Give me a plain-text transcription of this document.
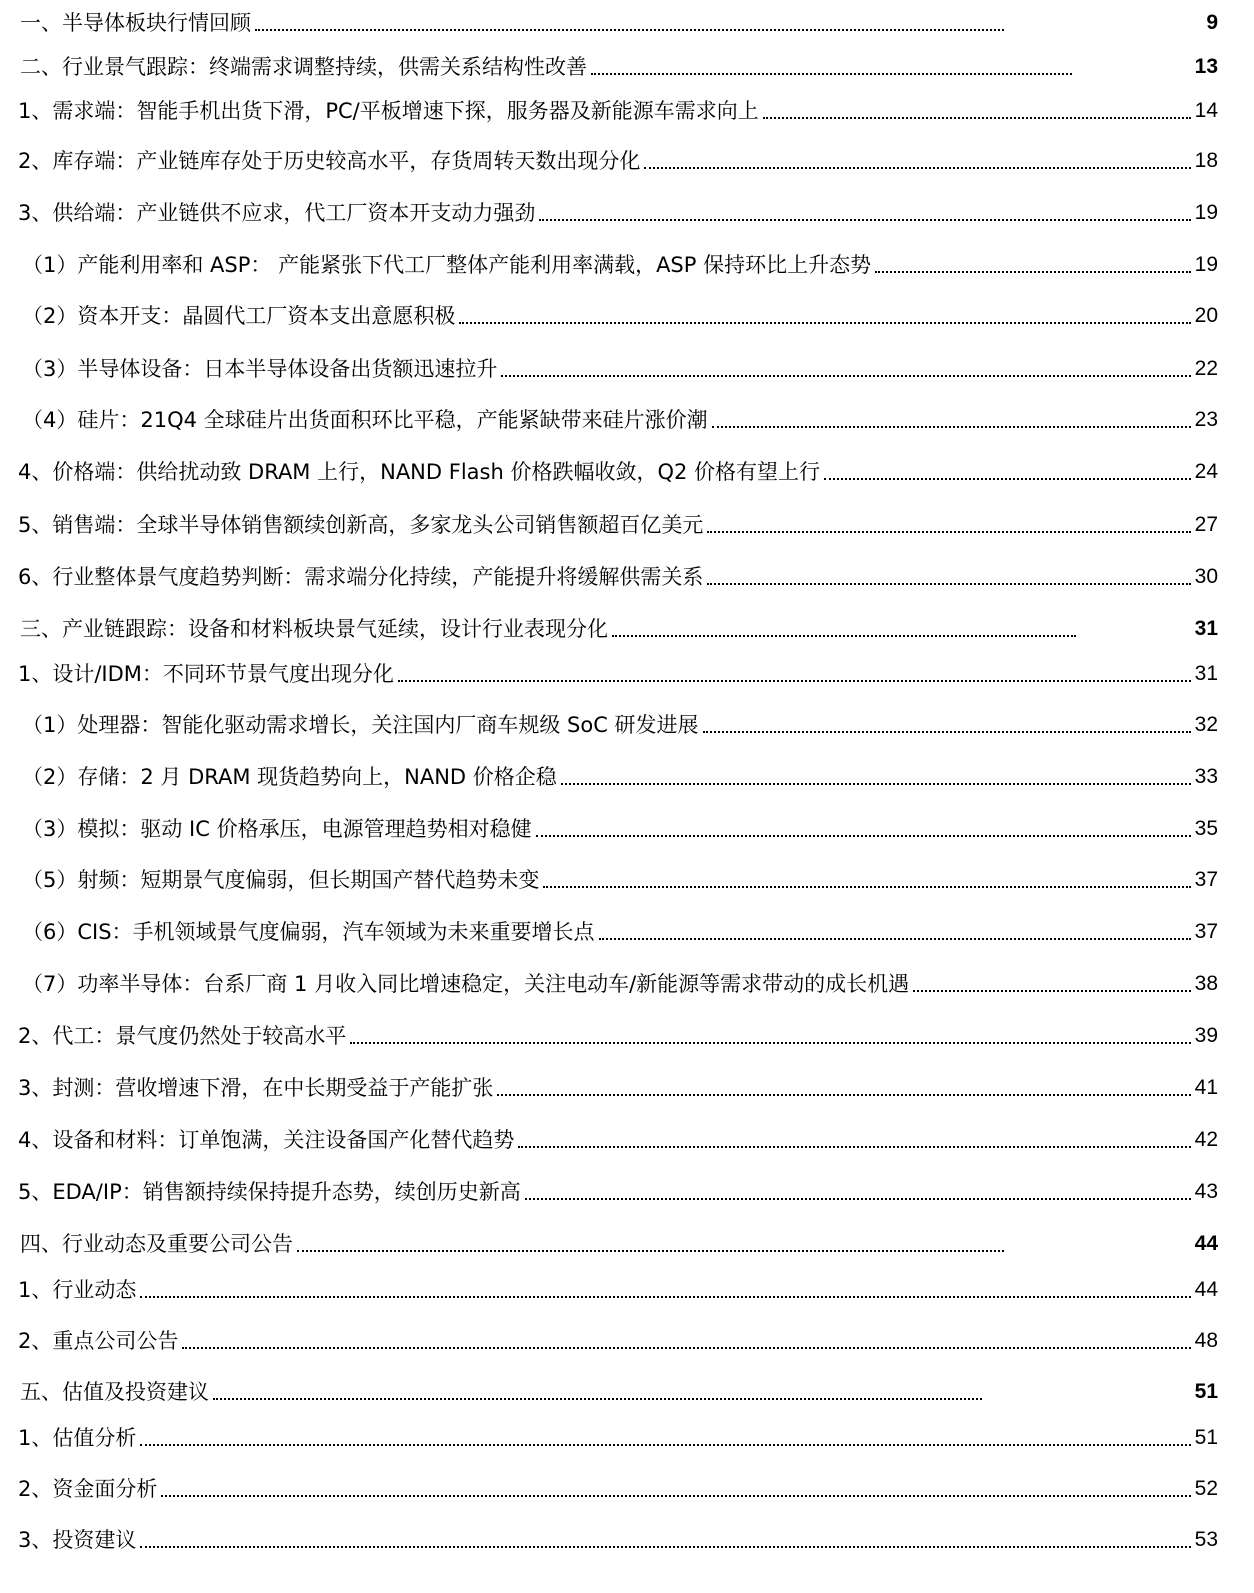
一、半导体板块行情回顾	9
二、行业景气跟踪：终端需求调整持续，供需关系结构性改善	13
1、需求端：智能手机出货下滑，PC/平板增速下探，服务器及新能源车需求向上	14
2、库存端：产业链库存处于历史较高水平，存货周转天数出现分化	18
3、供给端：产业链供不应求，代工厂资本开支动力强劲	19
（1）产能利用率和 ASP： 产能紧张下代工厂整体产能利用率满载，ASP 保持环比上升态势	19
（2）资本开支：晶圆代工厂资本支出意愿积极	20
（3）半导体设备：日本半导体设备出货额迅速拉升	22
（4）硅片：21Q4 全球硅片出货面积环比平稳，产能紧缺带来硅片涨价潮	23
4、价格端：供给扰动致 DRAM 上行，NAND Flash 价格跌幅收敛，Q2 价格有望上行	24
5、销售端：全球半导体销售额续创新高，多家龙头公司销售额超百亿美元	27
6、行业整体景气度趋势判断：需求端分化持续，产能提升将缓解供需关系	30
三、产业链跟踪：设备和材料板块景气延续，设计行业表现分化	31
1、设计/IDM：不同环节景气度出现分化	31
（1）处理器：智能化驱动需求增长，关注国内厂商车规级 SoC 研发进展	32
（2）存储：2 月 DRAM 现货趋势向上，NAND 价格企稳	33
（3）模拟：驱动 IC 价格承压，电源管理趋势相对稳健	35
（5）射频：短期景气度偏弱，但长期国产替代趋势未变	37
（6）CIS：手机领域景气度偏弱，汽车领域为未来重要增长点	37
（7）功率半导体：台系厂商 1 月收入同比增速稳定，关注电动车/新能源等需求带动的成长机遇	38
2、代工：景气度仍然处于较高水平	39
3、封测：营收增速下滑，在中长期受益于产能扩张	41
4、设备和材料：订单饱满，关注设备国产化替代趋势	42
5、EDA/IP：销售额持续保持提升态势，续创历史新高	43
四、行业动态及重要公司公告	44
1、行业动态	44
2、重点公司公告	48
五、估值及投资建议	51
1、估值分析	51
2、资金面分析	52
3、投资建议	53
